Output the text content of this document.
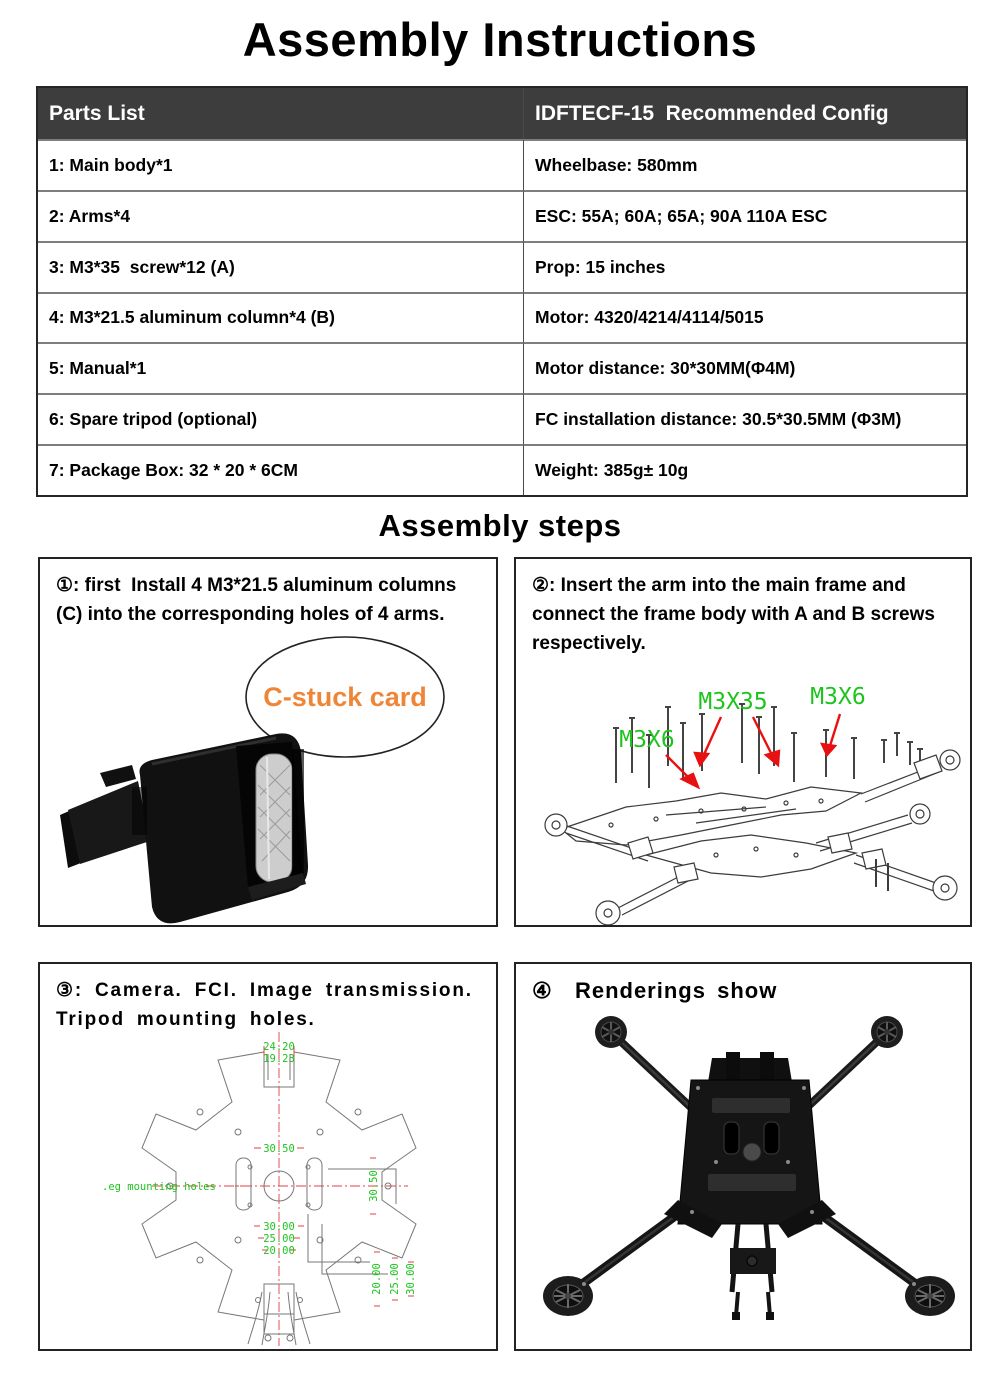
Assembly Instructions
Parts List	IDFTECF-15  Recommended Config
1: Main body*1	Wheelbase: 580mm
2: Arms*4	ESC: 55A; 60A; 65A; 90A 110A ESC
3: M3*35  screw*12 (A)	Prop: 15 inches
4: M3*21.5 aluminum column*4 (B)	Motor: 4320/4214/4114/5015
5: Manual*1	Motor distance: 30*30MM(Φ4M)
6: Spare tripod (optional)	FC installation distance: 30.5*30.5MM (Φ3M)
7: Package Box: 32 * 20 * 6CM	Weight: 385g± 10g
Assembly steps
①: first  Install 4 M3*21.5 aluminum columns (C) into the corresponding holes of 4 arms.
C-stuck card
②: Insert the arm into the main frame and connect the frame body with A and B screws respectively.
M3X35 M3X6
M3X6
③: Camera. FCI. Image transmission. Tripod mounting holes.
24.20
19.23
30.50
30.50
.eg mounting holes
30.00
25.00
20.00
20.00 25.00 30.00
④  Renderings show
